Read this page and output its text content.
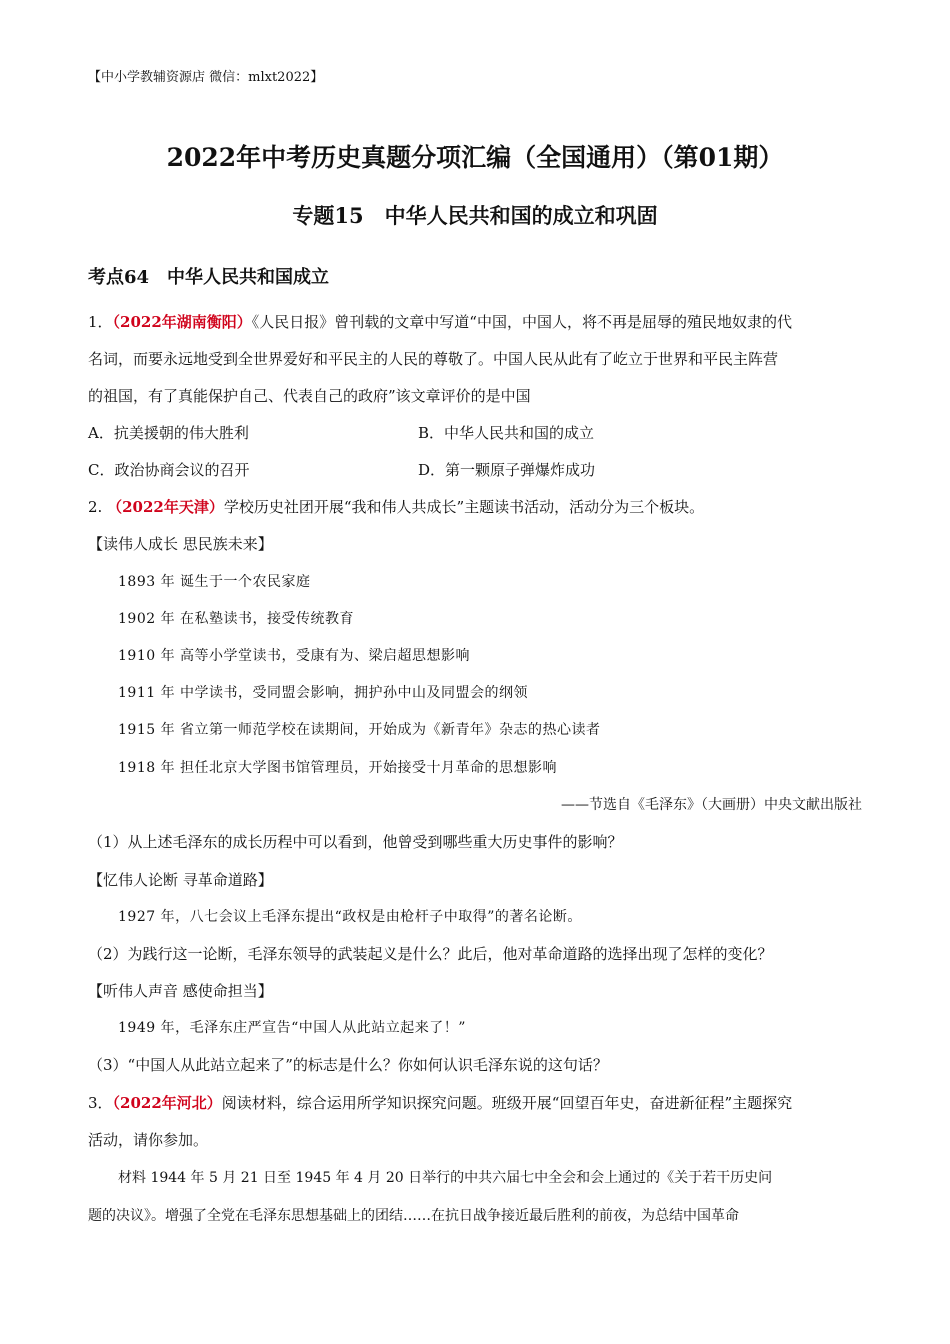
【中小学教辅资源店 微信：mlxt2022】
2022年中考历史真题分项汇编（全国通用）（第01期）
专题15　中华人民共和国的成立和巩固
考点64　中华人民共和国成立
1．（2022年湖南衡阳）《人民日报》曾刊载的文章中写道“中国，中国人，将不再是屈辱的殖民地奴隶的代
名词，而要永远地受到全世界爱好和平民主的人民的尊敬了。中国人民从此有了屹立于世界和平民主阵营
的祖国，有了真能保护自己、代表自己的政府”该文章评价的是中国
A．抗美援朝的伟大胜利	B．中华人民共和国的成立
C．政治协商会议的召开	D．第一颗原子弹爆炸成功
2. （2022年天津）学校历史社团开展“我和伟人共成长”主题读书活动，活动分为三个板块。
【读伟人成长 思民族未来】
1893 年 诞生于一个农民家庭
1902 年 在私塾读书，接受传统教育
1910 年 高等小学堂读书，受康有为、梁启超思想影响
1911 年 中学读书，受同盟会影响，拥护孙中山及同盟会的纲领
1915 年 省立第一师范学校在读期间，开始成为《新青年》杂志的热心读者
1918 年 担任北京大学图书馆管理员，开始接受十月革命的思想影响
——节选自《毛泽东》（大画册）中央文献出版社
（1）从上述毛泽东的成长历程中可以看到，他曾受到哪些重大历史事件的影响？
【忆伟人论断 寻革命道路】
1927 年，八七会议上毛泽东提出“政权是由枪杆子中取得”的著名论断。
（2）为践行这一论断，毛泽东领导的武装起义是什么？此后，他对革命道路的选择出现了怎样的变化？
【听伟人声音 感使命担当】
1949 年，毛泽东庄严宣告“中国人从此站立起来了！”
（3）“中国人从此站立起来了”的标志是什么？你如何认识毛泽东说的这句话？
3．（2022年河北）阅读材料，综合运用所学知识探究问题。班级开展“回望百年史，奋进新征程”主题探究
活动，请你参加。
材料 1944 年 5 月 21 日至 1945 年 4 月 20 日举行的中共六届七中全会和会上通过的《关于若干历史问
题的决议》。增强了全党在毛泽东思想基础上的团结……在抗日战争接近最后胜利的前夜，为总结中国革命
